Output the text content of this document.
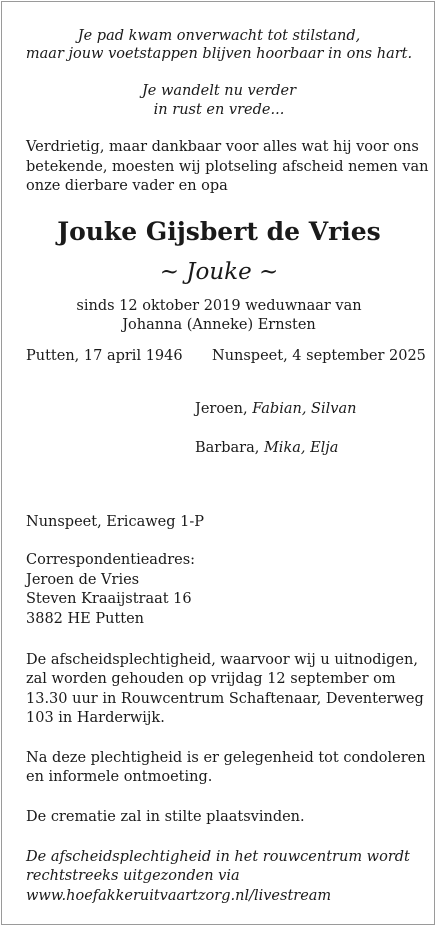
Je pad kwam onverwacht tot stilstand,
maar jouw voetstappen blijven hoorbaar in ons hart.
Je wandelt nu verder
in rust en vrede...
Verdrietig, maar dankbaar voor alles wat hij voor ons
betekende, moesten wij plotseling afscheid nemen van
onze dierbare vader en opa
Jouke Gijsbert de Vries
~ Jouke ~
sinds 12 oktober 2019 weduwnaar van
Johanna (Anneke) Ernsten
Putten, 17 april 1946 Nunspeet, 4 september 2025
Jeroen, Fabian, Silvan
Barbara, Mika, Elja
Nunspeet, Ericaweg 1-P
Correspondentieadres:
Jeroen de Vries
Steven Kraaijstraat 16
3882 HE Putten
De afscheidsplechtigheid, waarvoor wij u uitnodigen,
zal worden gehouden op vrijdag 12 september om
13.30 uur in Rouwcentrum Schaftenaar, Deventerweg
103 in Harderwijk.
Na deze plechtigheid is er gelegenheid tot condoleren
en informele ontmoeting.
De crematie zal in stilte plaatsvinden.
De afscheidsplechtigheid in het rouwcentrum wordt
rechtstreeks uitgezonden via
www.hoefakkeruitvaartzorg.nl/livestream
